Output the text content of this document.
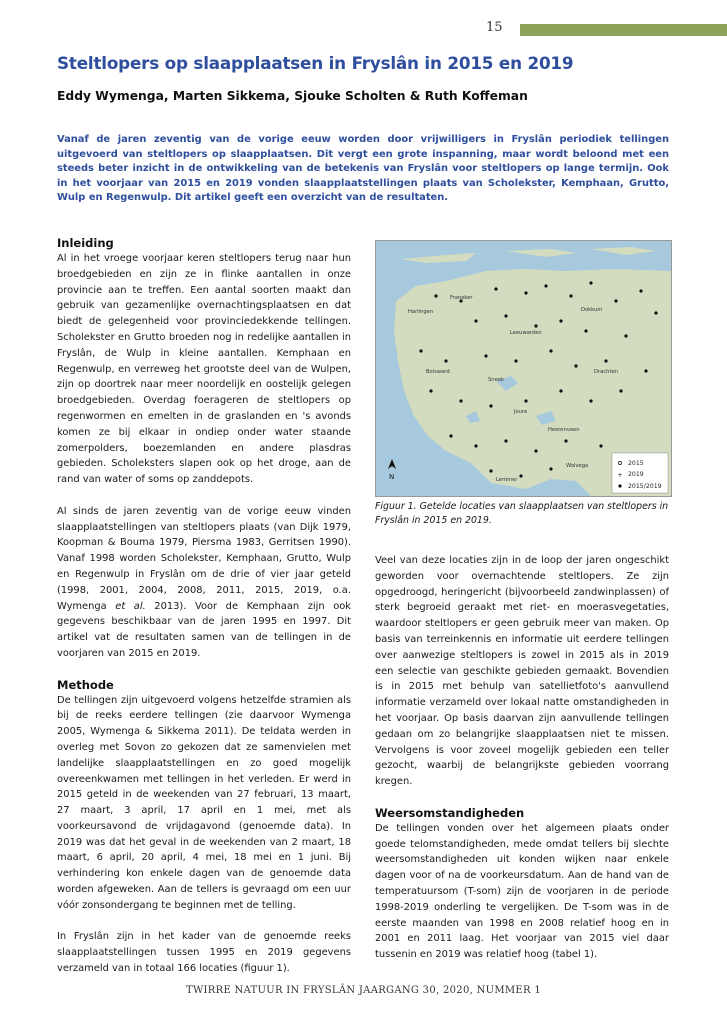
15
Steltlopers op slaapplaatsen in Fryslân in 2015 en 2019

Eddy Wymenga, Marten Sikkema, Sjouke Scholten & Ruth Koffeman

Vanaf de jaren zeventig van de vorige eeuw worden door vrijwilligers in Fryslân periodiek tellingen uitgevoerd van steltlopers op slaapplaatsen. Dit vergt een grote inspanning, maar wordt beloond met een steeds beter inzicht in de ontwikkeling van de betekenis van Fryslân voor steltlopers op lange termijn. Ook in het voorjaar van 2015 en 2019 vonden slaapplaatstellingen plaats van Scholekster, Kemphaan, Grutto, Wulp en Regenwulp. Dit artikel geeft een overzicht van de resultaten.

Inleiding

Al in het vroege voorjaar keren steltlopers terug naar hun broedgebieden en zijn ze in flinke aantallen in onze provincie aan te treffen. Een aantal soorten maakt dan gebruik van gezamenlijke overnachtingsplaatsen en dat biedt de gelegenheid voor provinciedekkende tellingen. Scholekster en Grutto broeden nog in redelijke aantallen in Fryslân, de Wulp in kleine aantallen. Kemphaan en Regenwulp, en verreweg het grootste deel van de Wulpen, zijn op doortrek naar meer noordelijk en oostelijk gelegen broedgebieden. Overdag foerageren de steltlopers op regenwormen en emelten in de graslanden en 's avonds komen ze bij elkaar in ondiep onder water staande zomerpolders, boezemlanden en andere plasdras gebieden. Scholeksters slapen ook op het droge, aan de rand van water of soms op zanddepots.

Al sinds de jaren zeventig van de vorige eeuw vinden slaapplaatstellingen van steltlopers plaats (van Dijk 1979, Koopman & Bouma 1979, Piersma 1983, Gerritsen 1990). Vanaf 1998 worden Scholekster, Kemphaan, Grutto, Wulp en Regenwulp in Fryslân om de drie of vier jaar geteld (1998, 2001, 2004, 2008, 2011, 2015, 2019, o.a. Wymenga et al. 2013). Voor de Kemphaan zijn ook gegevens beschikbaar van de jaren 1995 en 1997. Dit artikel vat de resultaten samen van de tellingen in de voorjaren van 2015 en 2019.

Methode

De tellingen zijn uitgevoerd volgens hetzelfde stramien als bij de reeks eerdere tellingen (zie daarvoor Wymenga 2005, Wymenga & Sikkema 2011). De teldata werden in overleg met Sovon zo gekozen dat ze samenvielen met landelijke slaapplaatstellingen en zo goed mogelijk overeenkwamen met tellingen in het verleden. Er werd in 2015 geteld in de weekenden van 27 februari, 13 maart, 27 maart, 3 april, 17 april en 1 mei, met als voorkeursavond de vrijdagavond (genoemde data). In 2019 was dat het geval in de weekenden van 2 maart, 18 maart, 6 april, 20 april, 4 mei, 18 mei en 1 juni. Bij verhindering kon enkele dagen van de genoemde data worden afgeweken. Aan de tellers is gevraagd om een uur vóór zonsondergang te beginnen met de telling.

In Fryslân zijn in het kader van de genoemde reeks slaapplaatstellingen tussen 1995 en 2019 gegevens verzameld van in totaal 166 locaties (figuur 1).

Harlingen
Franeker
Leeuwarden
Dokkum
Drachten
Bolsward
Sneek
Joure
Heerenveen
Lemmer
Wolvega
N
2015
+ 2019
2015/2019

Figuur 1. Getelde locaties van slaapplaatsen van steltlopers in Fryslân in 2015 en 2019.

Veel van deze locaties zijn in de loop der jaren ongeschikt geworden voor overnachtende steltlopers. Ze zijn opgedroogd, heringericht (bijvoorbeeld zandwinplassen) of sterk begroeid geraakt met riet- en moerasvegetaties, waardoor steltlopers er geen gebruik meer van maken. Op basis van terreinkennis en informatie uit eerdere tellingen over aanwezige steltlopers is zowel in 2015 als in 2019 een selectie van geschikte gebieden gemaakt. Bovendien is in 2015 met behulp van satellietfoto's aanvullend informatie verzameld over lokaal natte omstandigheden in het voorjaar. Op basis daarvan zijn aanvullende tellingen gedaan om zo belangrijke slaapplaatsen niet te missen. Vervolgens is voor zoveel mogelijk gebieden een teller gezocht, waarbij de belangrijkste gebieden voorrang kregen.

Weersomstandigheden

De tellingen vonden over het algemeen plaats onder goede telomstandigheden, mede omdat tellers bij slechte weersomstandigheden uit konden wijken naar enkele dagen voor of na de voorkeursdatum. Aan de hand van de temperatuursom (T-som) zijn de voorjaren in de periode 1998-2019 onderling te vergelijken. De T-som was in de eerste maanden van 1998 en 2008 relatief hoog en in 2001 en 2011 laag. Het voorjaar van 2015 viel daar tussenin en 2019 was relatief hoog (tabel 1).

TWIRRE NATUUR IN FRYSLÂN JAARGANG 30, 2020, NUMMER 1
